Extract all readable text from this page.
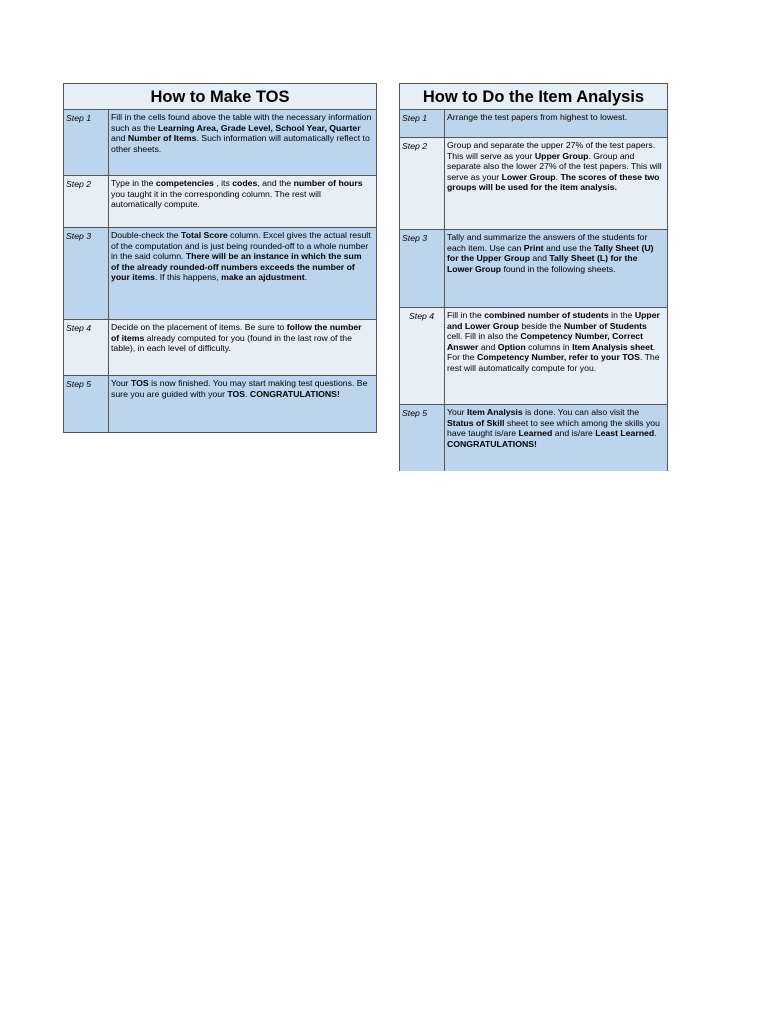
How to Make TOS
Step 1	Fill in the cells found above the table with the necessary information such as the Learning Area, Grade Level, School Year, Quarter and Number of Items. Such information will automatically reflect to other sheets.
Step 2	Type in the competencies , its codes, and the number of hours you taught it in the corresponding column. The rest will automatically compute.
Step 3	Double-check the Total Score column. Excel gives the actual result of the computation and is just being rounded-off to a whole number in the said column. There will be an instance in which the sum of the already rounded-off numbers exceeds the number of your items. If this happens, make an ajdustment.
Step 4	Decide on the placement of items. Be sure to follow the number of items already computed for you (found in the last row of the table), in each level of difficulty.
Step 5	Your TOS is now finished. You may start making test questions. Be sure you are guided with your TOS. CONGRATULATIONS!
How to Do the Item Analysis
Step 1	Arrange the test papers from highest to lowest.
Step 2	Group and separate the upper 27% of the test papers. This will serve as your Upper Group. Group and separate also the lower 27% of the test papers. This will serve as your Lower Group. The scores of these two groups will be used for the item analysis.
Step 3	Tally and summarize the answers of the students for each item. Use can Print and use the Tally Sheet (U) for the Upper Group and Tally Sheet (L) for the Lower Group found in the following sheets.
Step 4	Fill in the combined number of students in the Upper and Lower Group beside the Number of Students cell. Fill in also the Competency Number, Correct Answer and Option columns in Item Analysis sheet. For the Competency Number, refer to your TOS. The rest will automatically compute for you.
Step 5	Your Item Analysis is done. You can also visit the Status of Skill sheet to see which among the skills you have taught is/are Learned and is/are Least Learned. CONGRATULATIONS!
